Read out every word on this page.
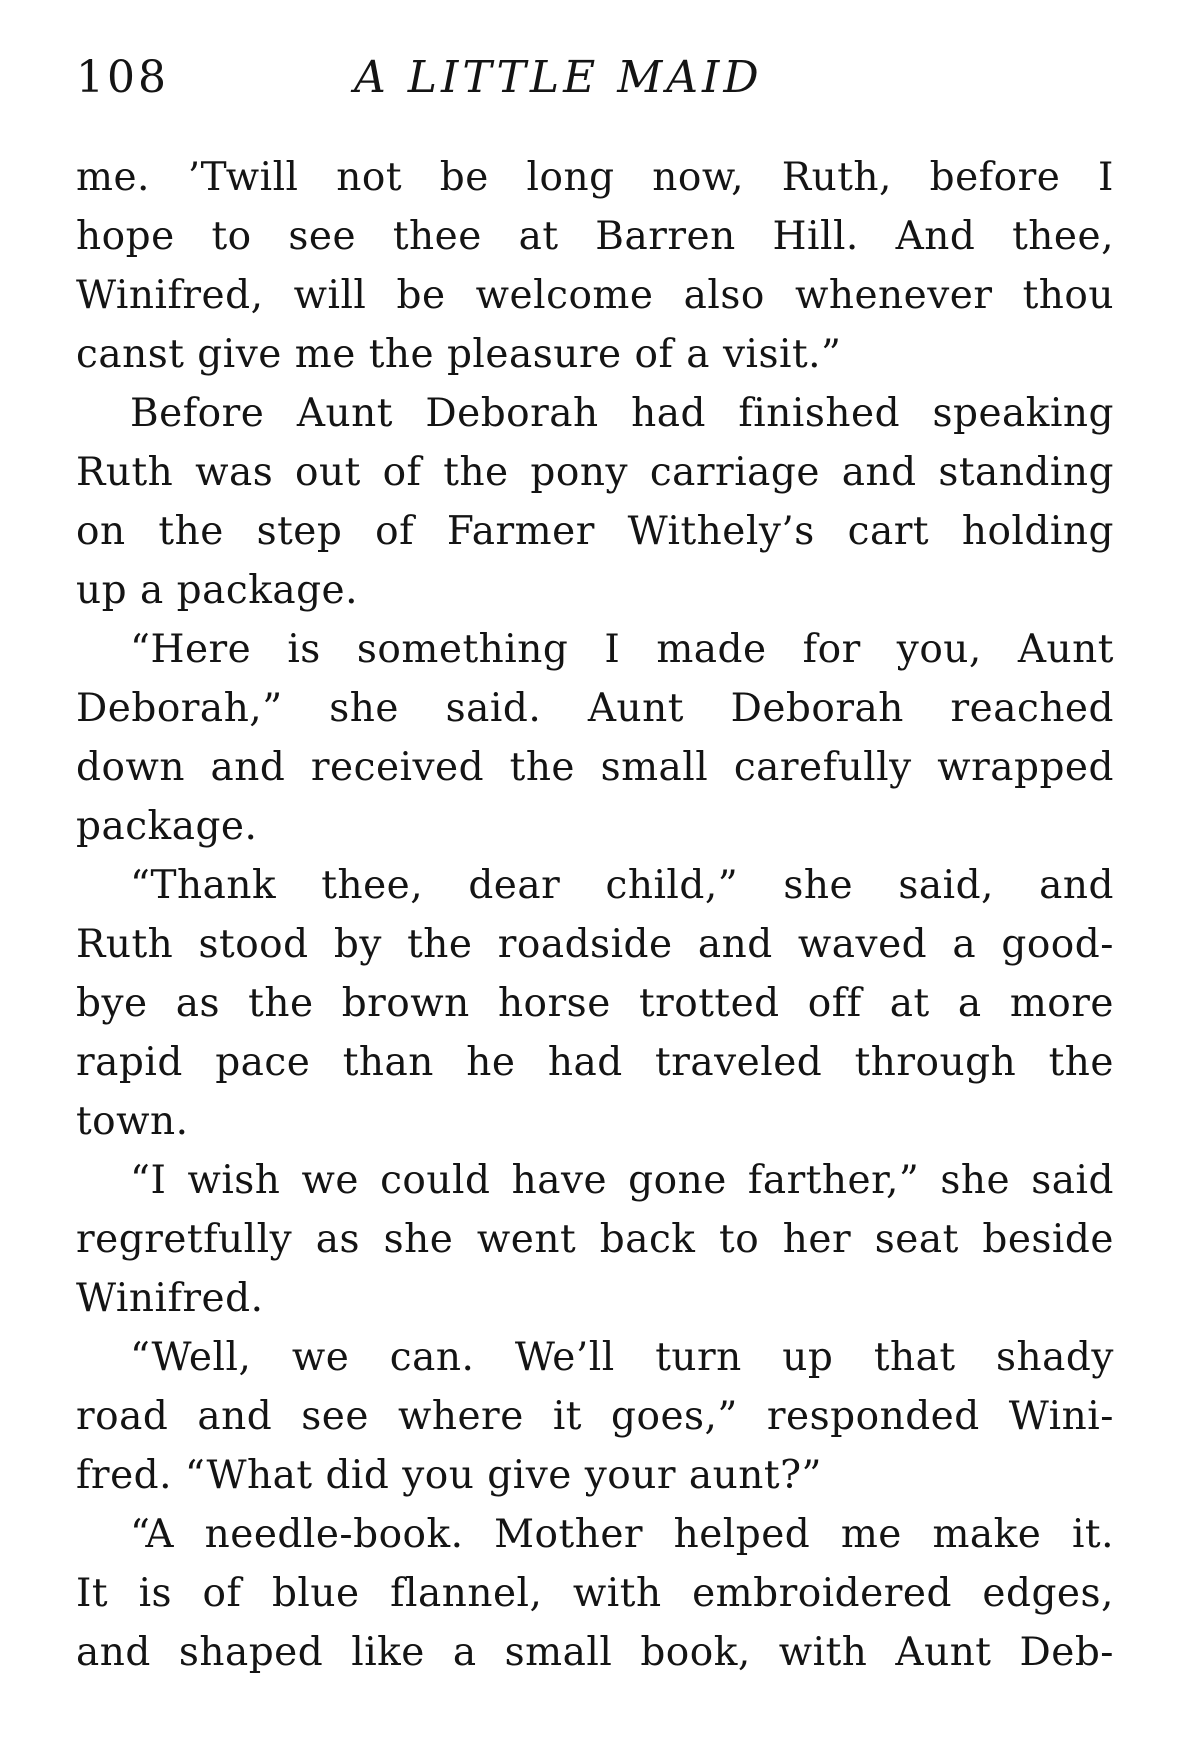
108	A LITTLE MAID
me. ’Twill not be long now, Ruth, before I
hope to see thee at Barren Hill. And thee,
Winifred, will be welcome also whenever thou
canst give me the pleasure of a visit.”
Before Aunt Deborah had finished speaking
Ruth was out of the pony carriage and standing
on the step of Farmer Withely’s cart holding
up a package.
“Here is something I made for you, Aunt
Deborah,” she said. Aunt Deborah reached
down and received the small carefully wrapped
package.
“Thank thee, dear child,” she said, and
Ruth stood by the roadside and waved a good-
bye as the brown horse trotted off at a more
rapid pace than he had traveled through the
town.
“I wish we could have gone farther,” she said
regretfully as she went back to her seat beside
Winifred.
“Well, we can. We’ll turn up that shady
road and see where it goes,” responded Wini-
fred. “What did you give your aunt?”
“A needle-book. Mother helped me make it.
It is of blue flannel, with embroidered edges,
and shaped like a small book, with Aunt Deb-
